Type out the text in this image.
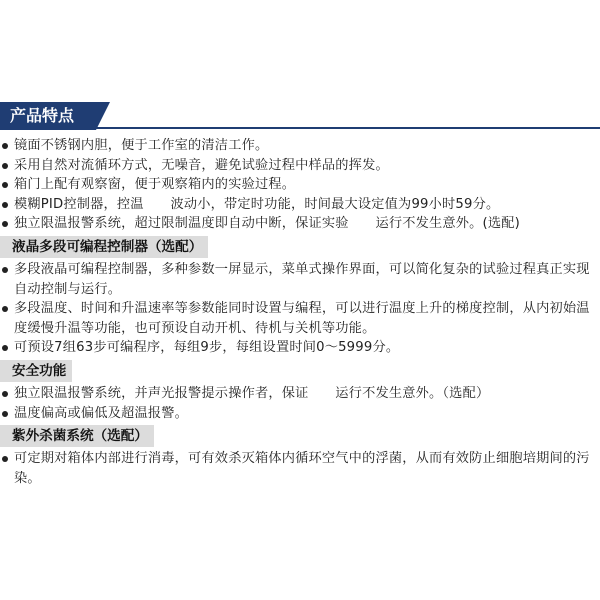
产品特点
镜面不锈钢内胆，便于工作室的清洁工作。
采用自然对流循环方式，无噪音，避免试验过程中样品的挥发。
箱门上配有观察窗，便于观察箱内的实验过程。
模糊PID控制器，控温　　波动小，带定时功能，时间最大设定值为99小时59分。
独立限温报警系统，超过限制温度即自动中断，保证实验　　运行不发生意外。(选配)
液晶多段可编程控制器（选配）
多段液晶可编程控制器，多种参数一屏显示，菜单式操作界面，可以简化复杂的试验过程真正实现自动控制与运行。
多段温度、时间和升温速率等参数能同时设置与编程，可以进行温度上升的梯度控制，从内初始温度缓慢升温等功能，也可预设自动开机、待机与关机等功能。
可预设7组63步可编程序，每组9步，每组设置时间0～5999分。
安全功能
独立限温报警系统，并声光报警提示操作者，保证　　运行不发生意外。（选配）
温度偏高或偏低及超温报警。
紫外杀菌系统（选配）
可定期对箱体内部进行消毒，可有效杀灭箱体内循环空气中的浮菌，从而有效防止细胞培期间的污染。
